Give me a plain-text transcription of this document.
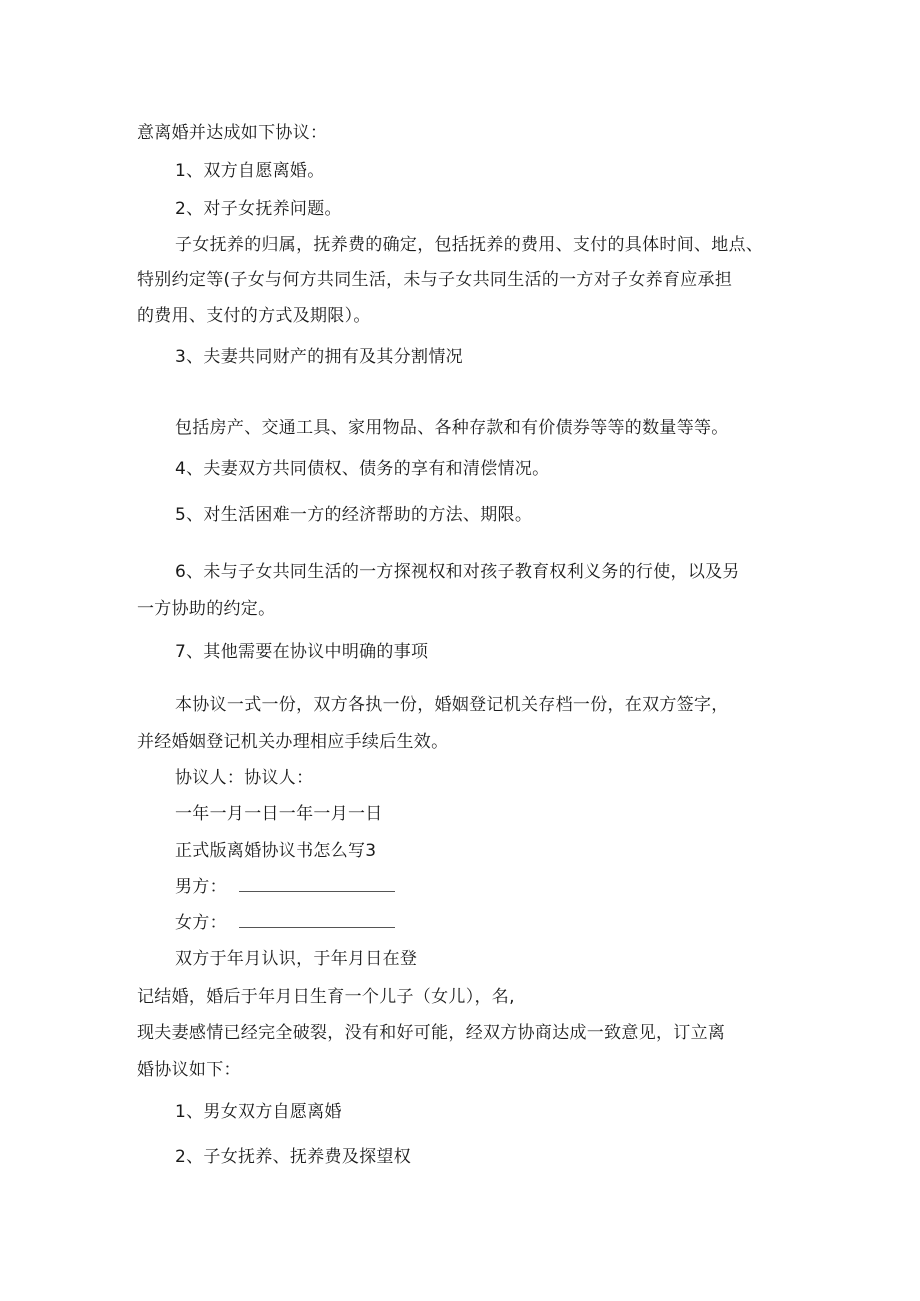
意离婚并达成如下协议：
1、双方自愿离婚。
2、对子女抚养问题。
子女抚养的归属，抚养费的确定，包括抚养的费用、支付的具体时间、地点、
特别约定等(子女与何方共同生活，未与子女共同生活的一方对子女养育应承担
的费用、支付的方式及期限）。
3、夫妻共同财产的拥有及其分割情况
包括房产、交通工具、家用物品、各种存款和有价债券等等的数量等等。
4、夫妻双方共同债权、债务的享有和清偿情况。
5、对生活困难一方的经济帮助的方法、期限。
6、未与子女共同生活的一方探视权和对孩子教育权利义务的行使，以及另
一方协助的约定。
7、其他需要在协议中明确的事项
本协议一式一份，双方各执一份，婚姻登记机关存档一份，在双方签字，
并经婚姻登记机关办理相应手续后生效。
协议人：协议人：
一年一月一日一年一月一日
正式版离婚协议书怎么写3
男方：
女方：
双方于年月认识，于年月日在登
记结婚，婚后于年月日生育一个儿子（女儿），名,
现夫妻感情已经完全破裂，没有和好可能，经双方协商达成一致意见，订立离
婚协议如下：
1、男女双方自愿离婚
2、子女抚养、抚养费及探望权
